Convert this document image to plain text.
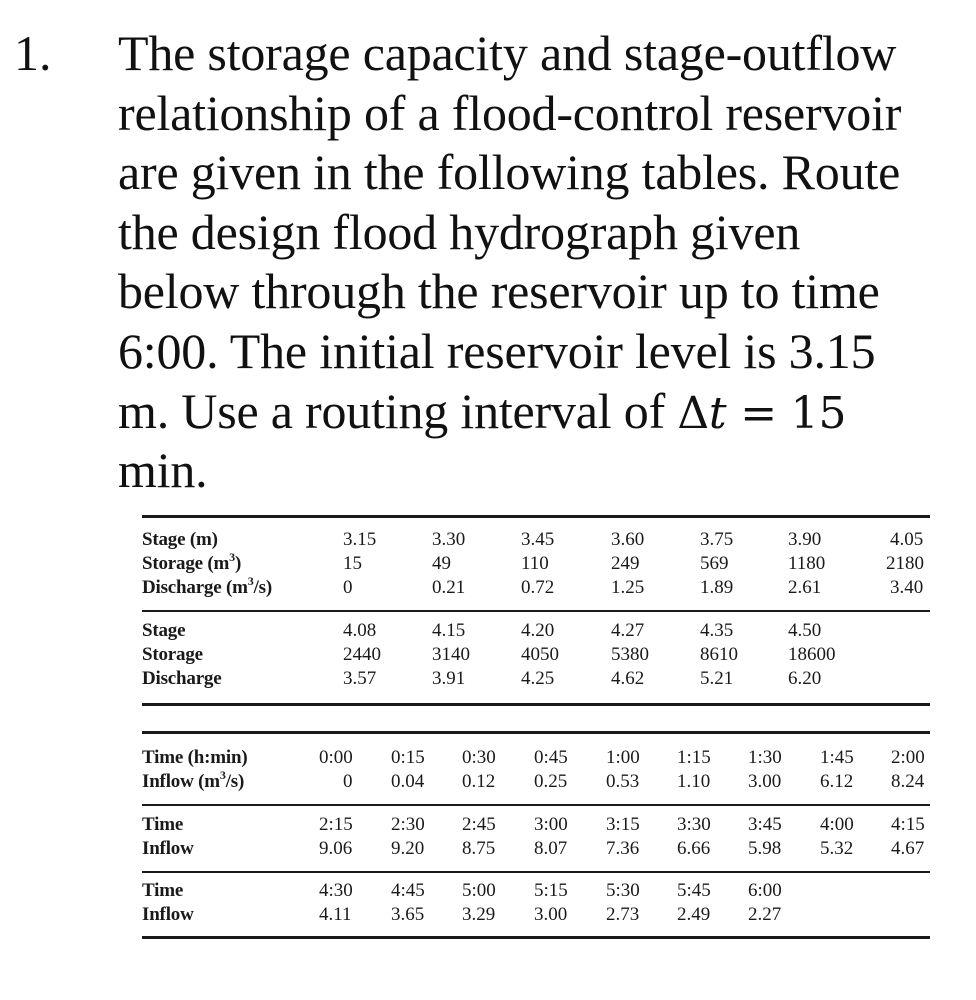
1. The storage capacity and stage-outflow
relationship of a flood-control reservoir
are given in the following tables. Route
the design flood hydrograph given
below through the reservoir up to time
6:00. The initial reservoir level is 3.15
m. Use a routing interval of Δt = 15
min.
Stage (m)	3.15	3.30	3.45	3.60	3.75	3.90	4.05
Storage $(m^3)$	15	49	110	249	569	1180	2180
Discharge $(m^3/s)$	0	0.21	0.72	1.25	1.89	2.61	3.40
Stage	4.08	4.15	4.20	4.27	4.35	4.50
Storage	2440	3140	4050	5380	8610	18600
Discharge	3.57	3.91	4.25	4.62	5.21	6.20
Time (h:min)	0:00 0:15 0:30 0:45 1:00 1:15 1:30 1:45 2:00
Inflow $(m^3/s)$	0 0.04 0.12 0.25 0.53 1.10 3.00 6.12 8.24
Time	2:15 2:30 2:45 3:00 3:15 3:30 3:45 4:00 4:15
Inflow	9.06 9.20 8.75 8.07 7.36 6.66 5.98 5.32 4.67
Time	4:30 4:45 5:00 5:15 5:30 5:45 6:00
Inflow	4.11 3.65 3.29 3.00 2.73 2.49 2.27
